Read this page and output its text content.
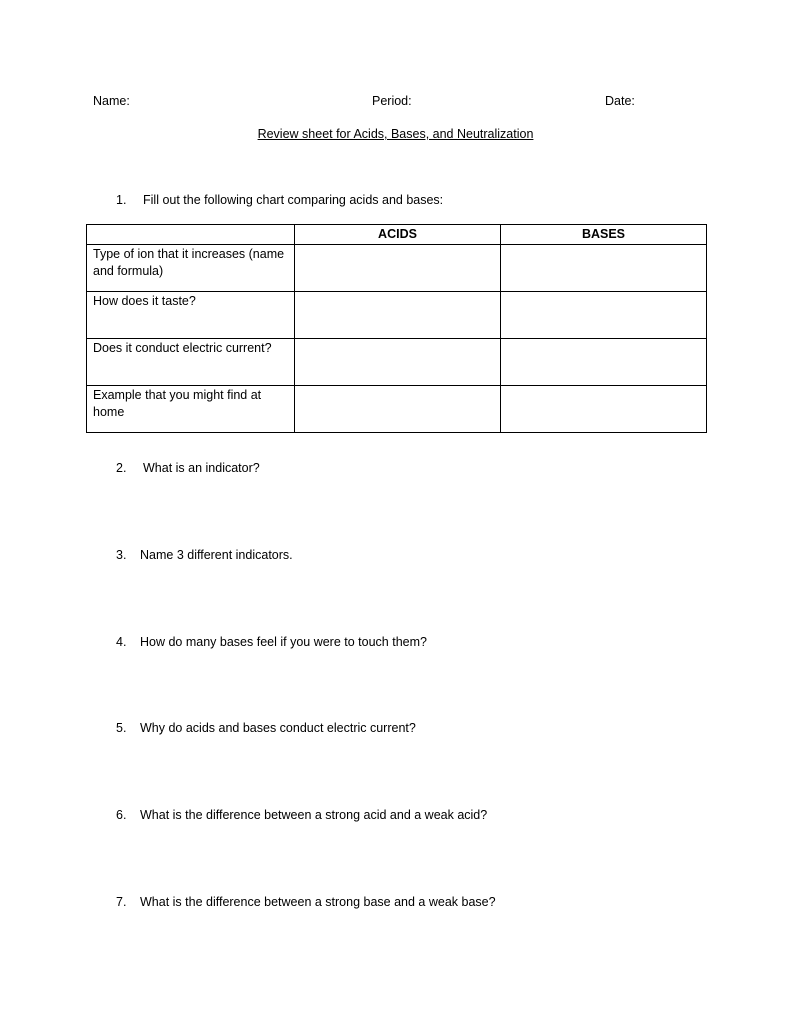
Name:	Period:	Date:
Review sheet for Acids, Bases, and Neutralization
1. Fill out the following chart comparing acids and bases:
	ACIDS	BASES
Type of ion that it increases (name and formula)		
How does it taste?		
Does it conduct electric current?		
Example that you might find at home		
2. What is an indicator?
3. Name 3 different indicators.
4. How do many bases feel if you were to touch them?
5. Why do acids and bases conduct electric current?
6. What is the difference between a strong acid and a weak acid?
7. What is the difference between a strong base and a weak base?
